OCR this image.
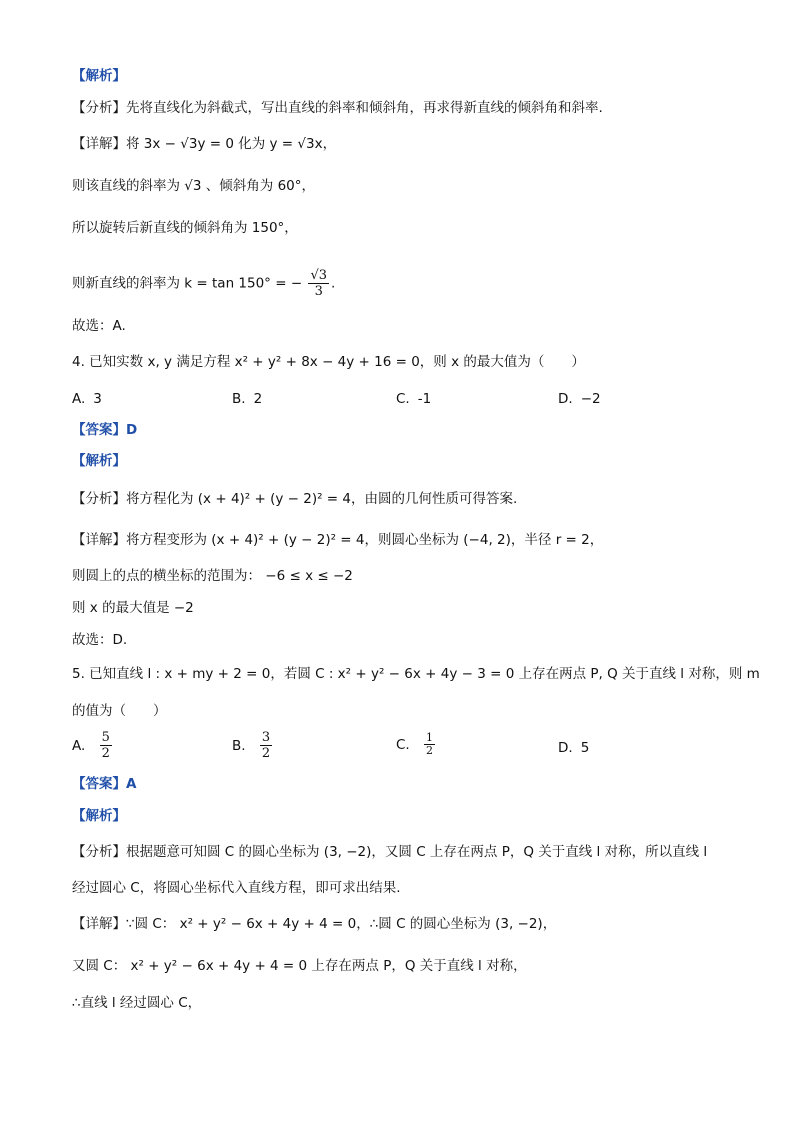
【解析】
【分析】先将直线化为斜截式，写出直线的斜率和倾斜角，再求得新直线的倾斜角和斜率.
【详解】将 3x − √3y = 0 化为 y = √3x，
则该直线的斜率为 √3 、倾斜角为 60°，
所以旋转后新直线的倾斜角为 150°，
则新直线的斜率为 k = tan 150° = − $\frac{√3}{3}$ .
故选：A.
4. 已知实数 x, y 满足方程 x² + y² + 8x − 4y + 16 = 0，则 x 的最大值为（　　）
A. 3	B. 2	C. -1	D. −2
【答案】D
【解析】
【分析】将方程化为 (x + 4)² + (y − 2)² = 4，由圆的几何性质可得答案.
【详解】将方程变形为 (x + 4)² + (y − 2)² = 4，则圆心坐标为 (−4, 2)，半径 r = 2，
则圆上的点的横坐标的范围为： −6 ≤ x ≤ −2
则 x 的最大值是 −2
故选：D.
5. 已知直线 l : x + my + 2 = 0，若圆 C : x² + y² − 6x + 4y − 3 = 0 上存在两点 P, Q 关于直线 l 对称，则 m
的值为（　　）
A. $\frac{5}{2}$	B. $\frac{3}{2}$	C. $\frac{1}{2}$	D. 5
【答案】A
【解析】
【分析】根据题意可知圆 C 的圆心坐标为 (3, −2)，又圆 C 上存在两点 P，Q 关于直线 l 对称，所以直线 l
经过圆心 C，将圆心坐标代入直线方程，即可求出结果.
【详解】∵圆 C： x² + y² − 6x + 4y + 4 = 0，∴圆 C 的圆心坐标为 (3, −2)，
又圆 C： x² + y² − 6x + 4y + 4 = 0 上存在两点 P，Q 关于直线 l 对称，
∴直线 l 经过圆心 C，
